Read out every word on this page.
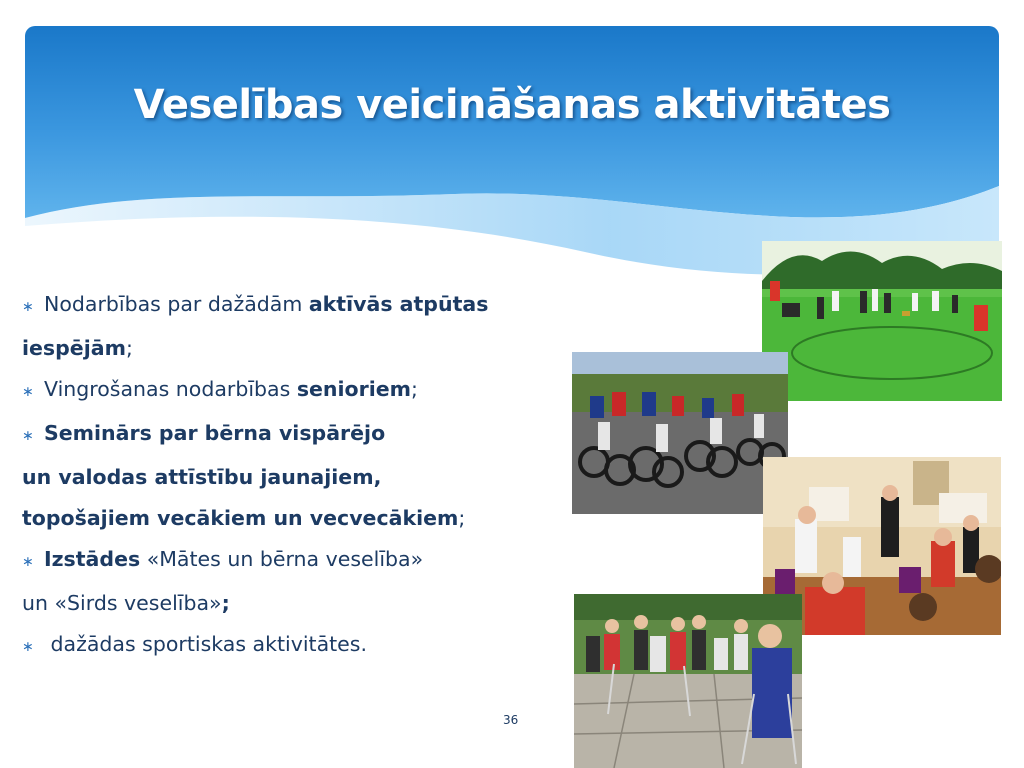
Veselības veicināšanas aktivitātes
∗ Nodarbības par dažādām aktīvās atpūtas
iespējām;
∗ Vingrošanas nodarbības senioriem;
∗ Seminārs par bērna vispārējo
un valodas attīstību jaunajiem,
topošajiem vecākiem un vecvecākiem;
∗ Izstādes «Mātes un bērna veselība»
un «Sirds veselība»;
∗ dažādas sportiskas aktivitātes.
36
